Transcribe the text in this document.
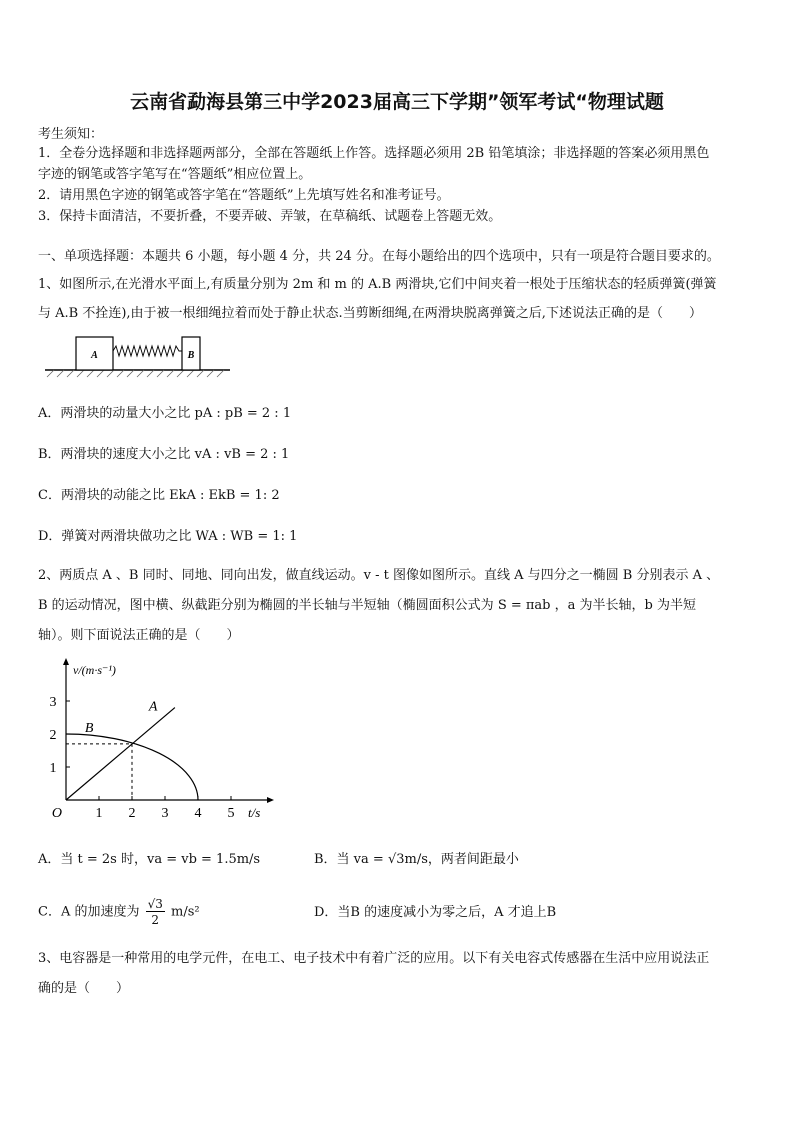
云南省勐海县第三中学2023届高三下学期”领军考试“物理试题
考生须知：
1．全卷分选择题和非选择题两部分，全部在答题纸上作答。选择题必须用 2B 铅笔填涂；非选择题的答案必须用黑色
字迹的钢笔或答字笔写在“答题纸”相应位置上。
2．请用黑色字迹的钢笔或答字笔在“答题纸”上先填写姓名和准考证号。
3．保持卡面清洁，不要折叠，不要弄破、弄皱，在草稿纸、试题卷上答题无效。
一、单项选择题：本题共 6 小题，每小题 4 分，共 24 分。在每小题给出的四个选项中，只有一项是符合题目要求的。
1、如图所示,在光滑水平面上,有质量分别为 2m 和 m 的 A.B 两滑块,它们中间夹着一根处于压缩状态的轻质弹簧(弹簧
与 A.B 不拴连),由于被一根细绳拉着而处于静止状态.当剪断细绳,在两滑块脱离弹簧之后,下述说法正确的是（　　）
A	B
A．两滑块的动量大小之比 pA : pB = 2 : 1
B．两滑块的速度大小之比 vA : vB = 2 : 1
C．两滑块的动能之比 EkA : EkB = 1: 2
D．弹簧对两滑块做功之比 WA : WB = 1: 1
2、两质点 A 、B 同时、同地、同向出发，做直线运动。v - t 图像如图所示。直线 A 与四分之一椭圆 B 分别表示 A 、
B 的运动情况，图中横、纵截距分别为椭圆的半长轴与半短轴（椭圆面积公式为 S = πab ，a 为半长轴，b 为半短
轴）。则下面说法正确的是（　　）
1 2 3 4 5
1
2
3
O	t/s
v/(m·s⁻¹)
A
B
A．当 t = 2s 时，va = vb = 1.5m/s	B．当 va = √3m/s，两者间距最小
C．A 的加速度为 $\frac{√3}{2} m/s^2$	D．当B 的速度减小为零之后，A 才追上B
3、电容器是一种常用的电学元件，在电工、电子技术中有着广泛的应用。以下有关电容式传感器在生活中应用说法正
确的是（　　）
